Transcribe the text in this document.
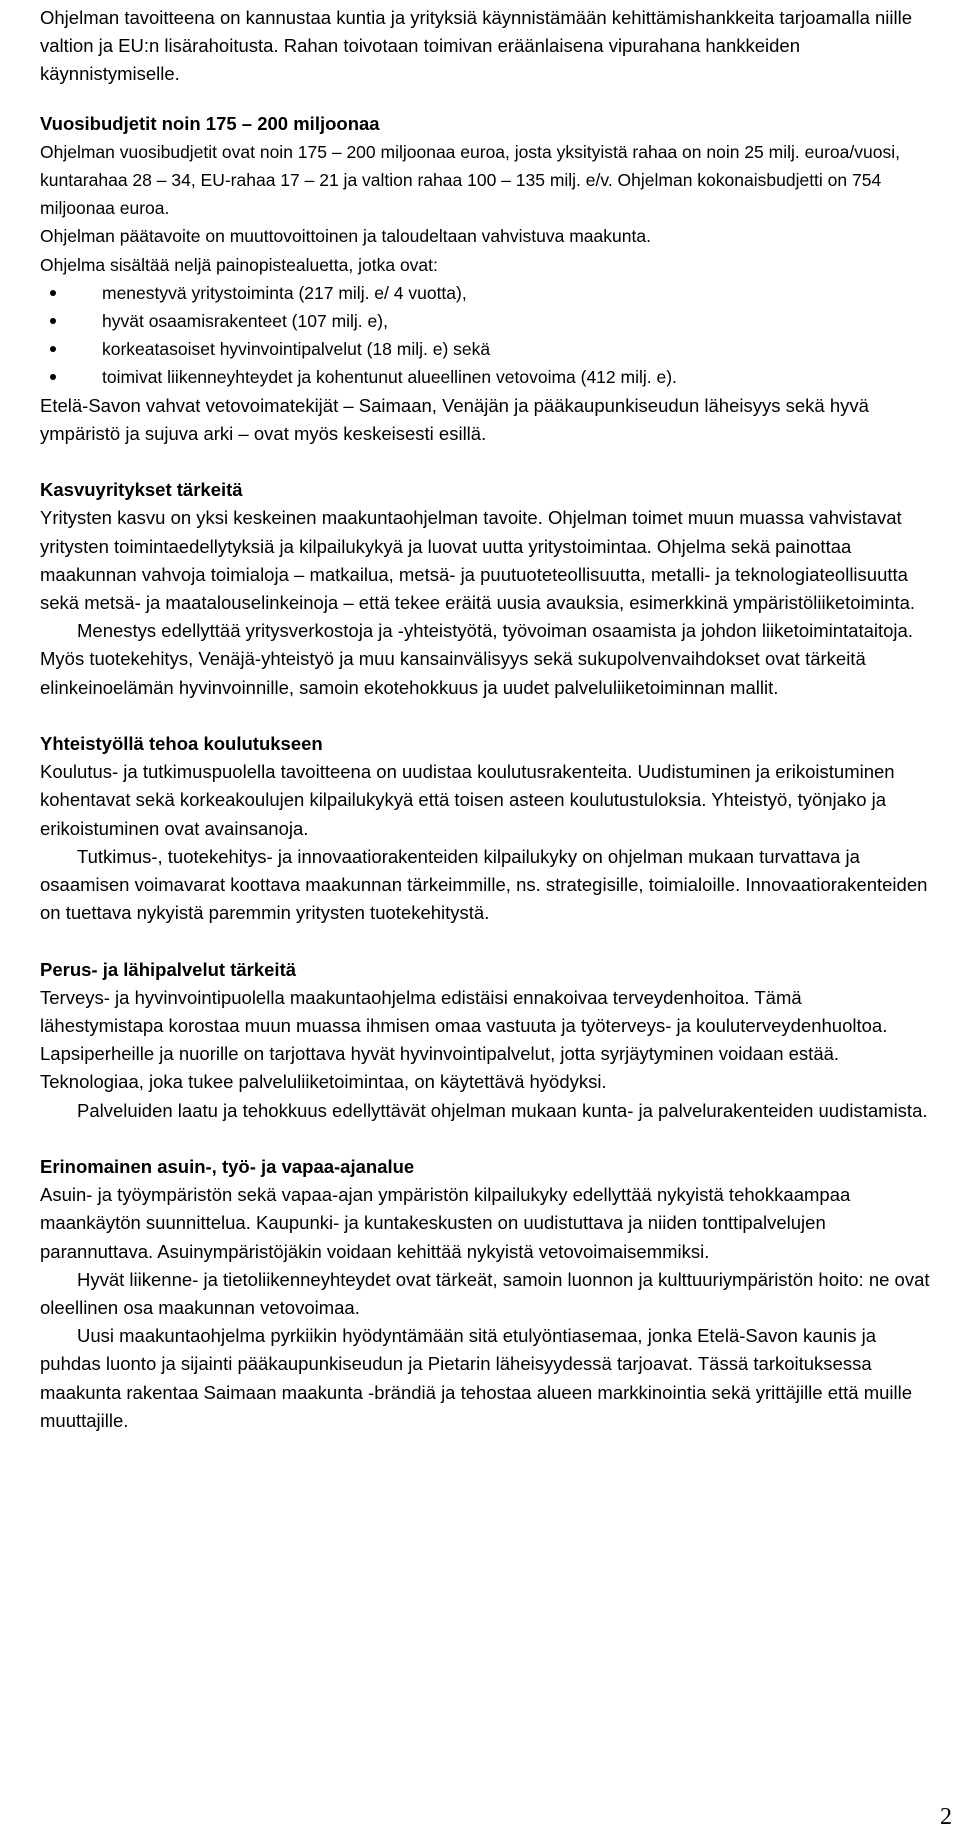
Ohjelman tavoitteena on kannustaa kuntia ja yrityksiä käynnistämään kehittämishankkeita tarjoamalla niille valtion ja EU:n lisärahoitusta. Rahan toivotaan toimivan eräänlaisena vipurahana hankkeiden käynnistymiselle.

Vuosibudjetit noin 175 – 200 miljoonaa

Ohjelman vuosibudjetit ovat noin 175 – 200 miljoonaa euroa, josta yksityistä rahaa on noin 25 milj. euroa/vuosi, kuntarahaa 28 – 34, EU-rahaa 17 – 21 ja valtion rahaa 100 – 135 milj. e/v. Ohjelman kokonaisbudjetti on 754 miljoonaa euroa.

Ohjelman päätavoite on muuttovoittoinen ja taloudeltaan vahvistuva maakunta.

Ohjelma sisältää neljä painopistealuetta, jotka ovat:

menestyvä yritystoiminta (217 milj. e/ 4 vuotta),
hyvät osaamisrakenteet (107 milj. e),
korkeatasoiset hyvinvointipalvelut (18 milj. e) sekä
toimivat liikenneyhteydet ja kohentunut alueellinen vetovoima (412 milj. e).

Etelä-Savon vahvat vetovoimatekijät – Saimaan, Venäjän ja pääkaupunkiseudun läheisyys sekä hyvä ympäristö ja sujuva arki – ovat myös keskeisesti esillä.

Kasvuyritykset tärkeitä

Yritysten kasvu on yksi keskeinen maakuntaohjelman tavoite. Ohjelman toimet muun muassa vahvistavat yritysten toimintaedellytyksiä ja kilpailukykyä ja luovat uutta yritystoimintaa. Ohjelma sekä painottaa maakunnan vahvoja toimialoja – matkailua, metsä- ja puutuoteteollisuutta, metalli- ja teknologiateollisuutta sekä metsä- ja maatalouselinkeinoja – että tekee eräitä uusia avauksia, esimerkkinä ympäristöliiketoiminta.

Menestys edellyttää yritysverkostoja ja -yhteistyötä, työvoiman osaamista ja johdon liiketoimintataitoja. Myös tuotekehitys, Venäjä-yhteistyö ja muu kansainvälisyys sekä sukupolvenvaihdokset ovat tärkeitä elinkeinoelämän hyvinvoinnille, samoin ekotehokkuus ja uudet palveluliiketoiminnan mallit.

Yhteistyöllä tehoa koulutukseen

Koulutus- ja tutkimuspuolella tavoitteena on uudistaa koulutusrakenteita. Uudistuminen ja erikoistuminen kohentavat sekä korkeakoulujen kilpailukykyä että toisen asteen koulutustuloksia. Yhteistyö, työnjako ja erikoistuminen ovat avainsanoja.

Tutkimus-, tuotekehitys- ja innovaatiorakenteiden kilpailukyky on ohjelman mukaan turvattava ja osaamisen voimavarat koottava maakunnan tärkeimmille, ns. strategisille, toimialoille. Innovaatiorakenteiden on tuettava nykyistä paremmin yritysten tuotekehitystä.

Perus- ja lähipalvelut tärkeitä

Terveys- ja hyvinvointipuolella maakuntaohjelma edistäisi ennakoivaa terveydenhoitoa. Tämä lähestymistapa korostaa muun muassa ihmisen omaa vastuuta ja työterveys- ja kouluterveydenhuoltoa. Lapsiperheille ja nuorille on tarjottava hyvät hyvinvointipalvelut, jotta syrjäytyminen voidaan estää. Teknologiaa, joka tukee palveluliiketoimintaa, on käytettävä hyödyksi.

Palveluiden laatu ja tehokkuus edellyttävät ohjelman mukaan kunta- ja palvelurakenteiden uudistamista.

Erinomainen asuin-, työ- ja vapaa-ajanalue

Asuin- ja työympäristön sekä vapaa-ajan ympäristön kilpailukyky edellyttää nykyistä tehokkaampaa maankäytön suunnittelua. Kaupunki- ja kuntakeskusten on uudistuttava ja niiden tonttipalvelujen parannuttava. Asuinympäristöjäkin voidaan kehittää nykyistä vetovoimaisemmiksi.

Hyvät liikenne- ja tietoliikenneyhteydet ovat tärkeät, samoin luonnon ja kulttuuriympäristön hoito: ne ovat oleellinen osa maakunnan vetovoimaa.

Uusi maakuntaohjelma pyrkiikin hyödyntämään sitä etulyöntiasemaa, jonka Etelä-Savon kaunis ja puhdas luonto ja sijainti pääkaupunkiseudun ja Pietarin läheisyydessä tarjoavat. Tässä tarkoituksessa maakunta rakentaa Saimaan maakunta -brändiä ja tehostaa alueen markkinointia sekä yrittäjille että muille muuttajille.

2
